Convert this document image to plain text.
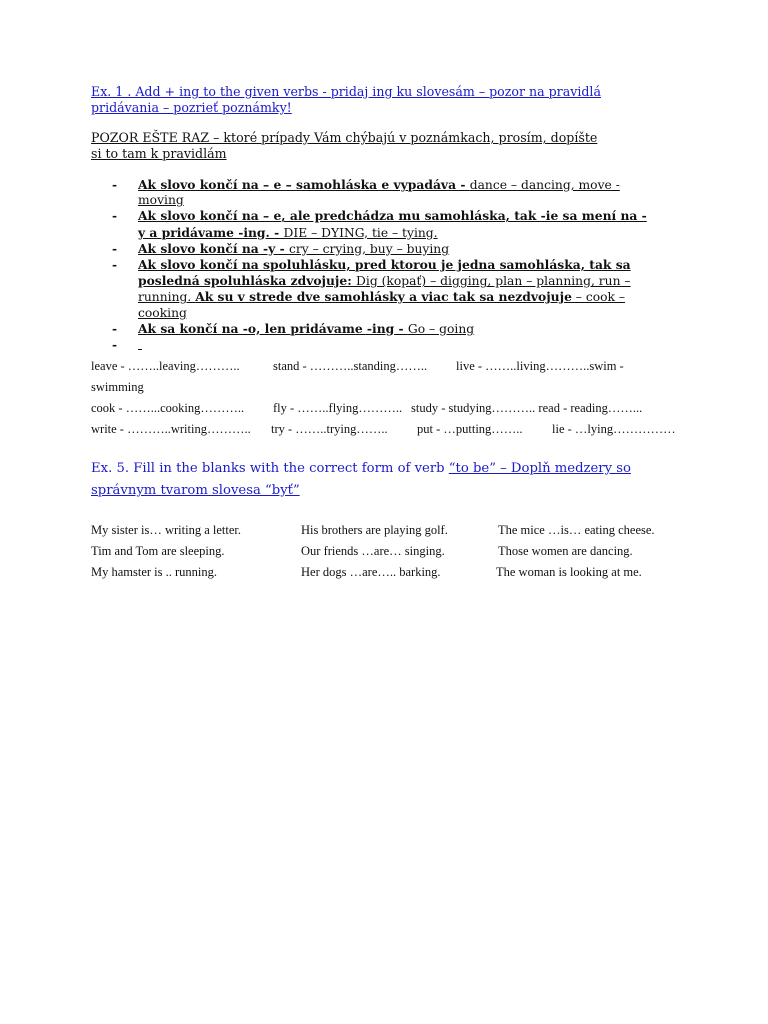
Ex. 1 . Add + ing to the given verbs - pridaj ing ku slovesám – pozor na pravidlá
pridávania – pozrieť poznámky!
POZOR EŠTE RAZ – ktoré prípady Vám chýbajú v poznámkach, prosím, dopíšte
si to tam k pravidlám
- Ak slovo končí na – e – samohláska e vypadáva - dance – dancing, move -
moving
- Ak slovo končí na – e, ale predchádza mu samohláska, tak -ie sa mení na -
y a pridávame -ing. - DIE – DYING, tie – tying.
- Ak slovo končí na -y - cry – crying, buy – buying
- Ak slovo končí na spoluhlásku, pred ktorou je jedna samohláska, tak sa
posledná spoluhláska zdvojuje: Dig (kopať) – digging, plan – planning, run –
running. Ak su v strede dve samohlásky a viac tak sa nezdvojuje – cook –
cooking
- Ak sa končí na -o, len pridávame -ing - Go – going
-

leave - ……..leaving………..	stand - ………..standing…….. live - ……..living………..swim -
swimming
cook - ……...cooking……….. fly - ……..flying……….. study - studying……….. read - reading……...
write - ………..writing……….. try - ……..trying…….. put - …putting…….. lie - …lying……………
Ex. 5. Fill in the blanks with the correct form of verb “to be” – Doplň medzery so
správnym tvarom slovesa “byť”
My sister is… writing a letter.
Tim and Tom are sleeping.
My hamster is .. running.
His brothers are playing golf.
Our friends …are… singing.
Her dogs …are….. barking.
The mice …is… eating cheese.
Those women are dancing.
The woman is looking at me.
